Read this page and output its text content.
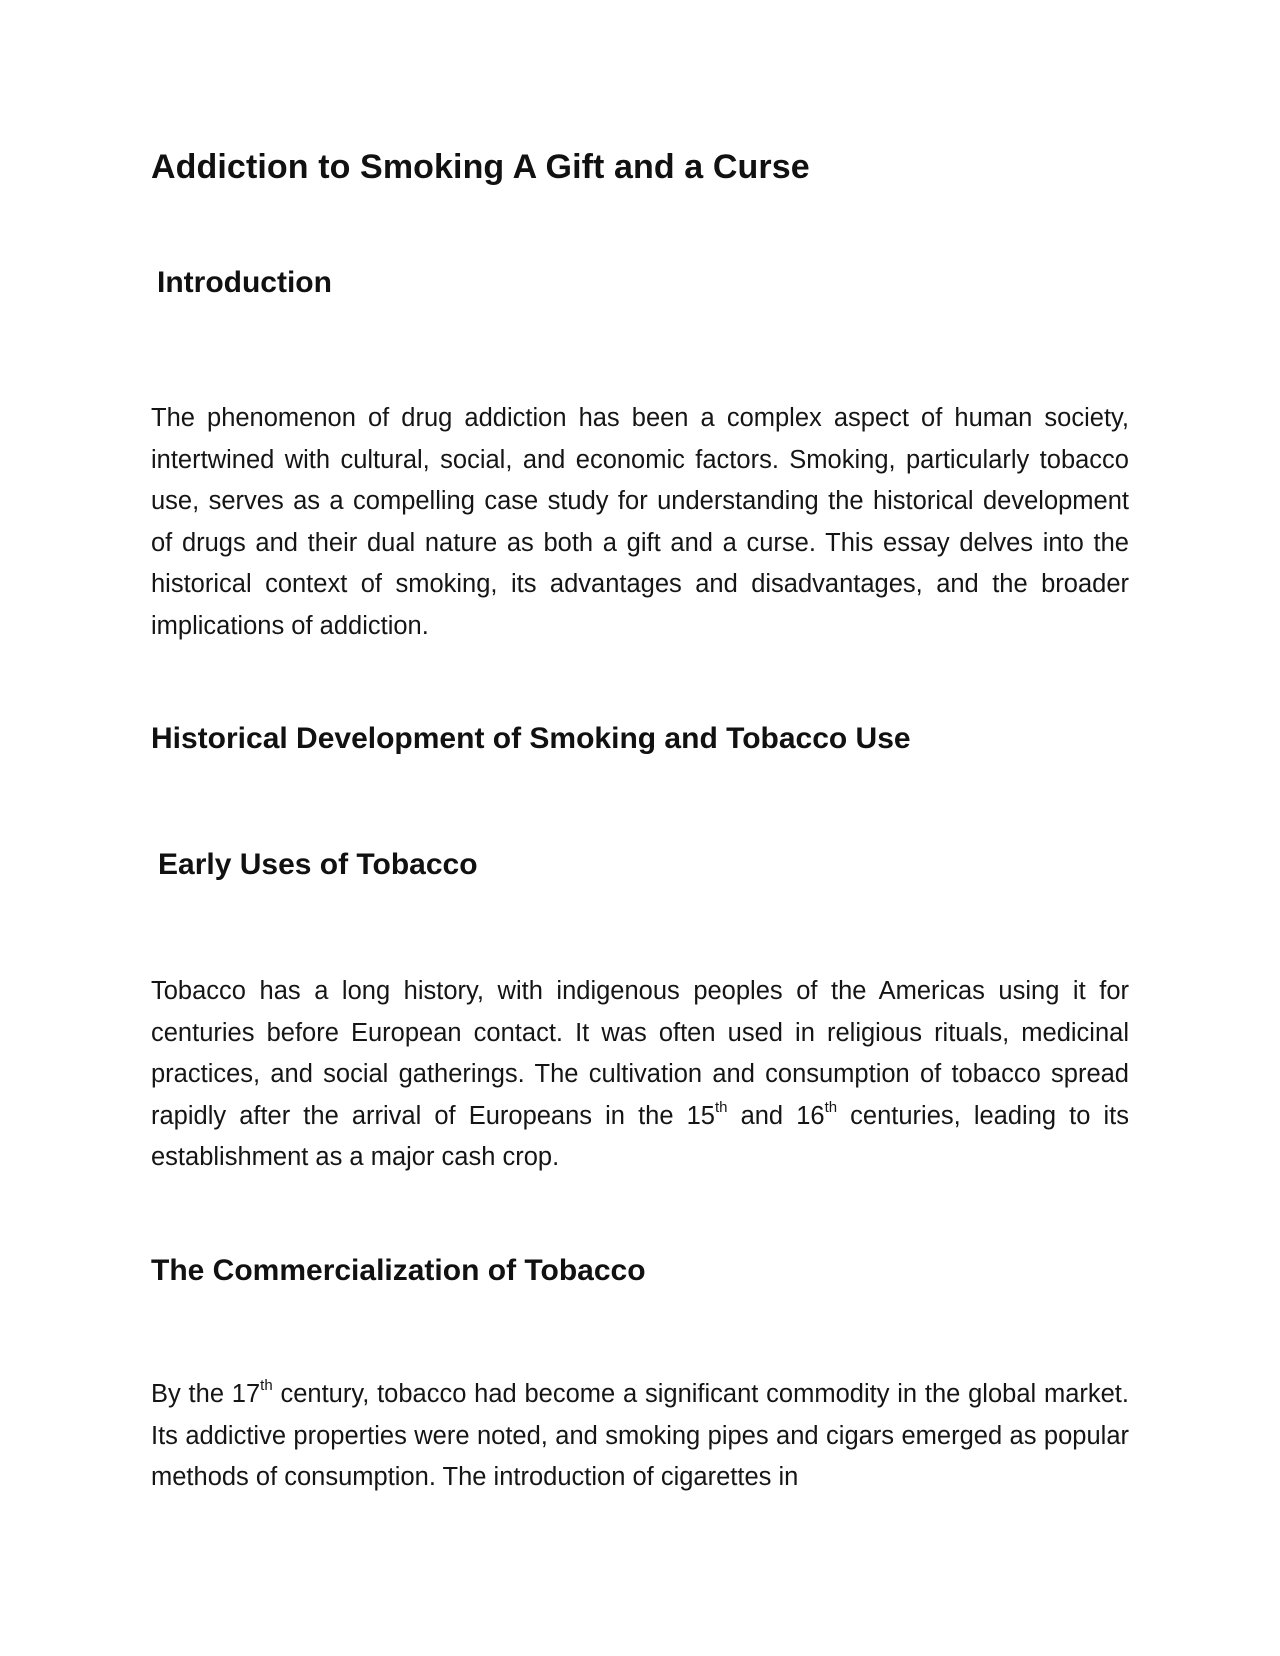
Addiction to Smoking A Gift and a Curse
Introduction

The phenomenon of drug addiction has been a complex aspect of human society, intertwined with cultural, social, and economic factors. Smoking, particularly tobacco use, serves as a compelling case study for understanding the historical development of drugs and their dual nature as both a gift and a curse. This essay delves into the historical context of smoking, its advantages and disadvantages, and the broader implications of addiction.

Historical Development of Smoking and Tobacco Use
Early Uses of Tobacco

Tobacco has a long history, with indigenous peoples of the Americas using it for centuries before European contact. It was often used in religious rituals, medicinal practices, and social gatherings. The cultivation and consumption of tobacco spread rapidly after the arrival of Europeans in the 15th and 16th centuries, leading to its establishment as a major cash crop.

The Commercialization of Tobacco

By the 17th century, tobacco had become a significant commodity in the global market. Its addictive properties were noted, and smoking pipes and cigars emerged as popular methods of consumption. The introduction of cigarettes in
